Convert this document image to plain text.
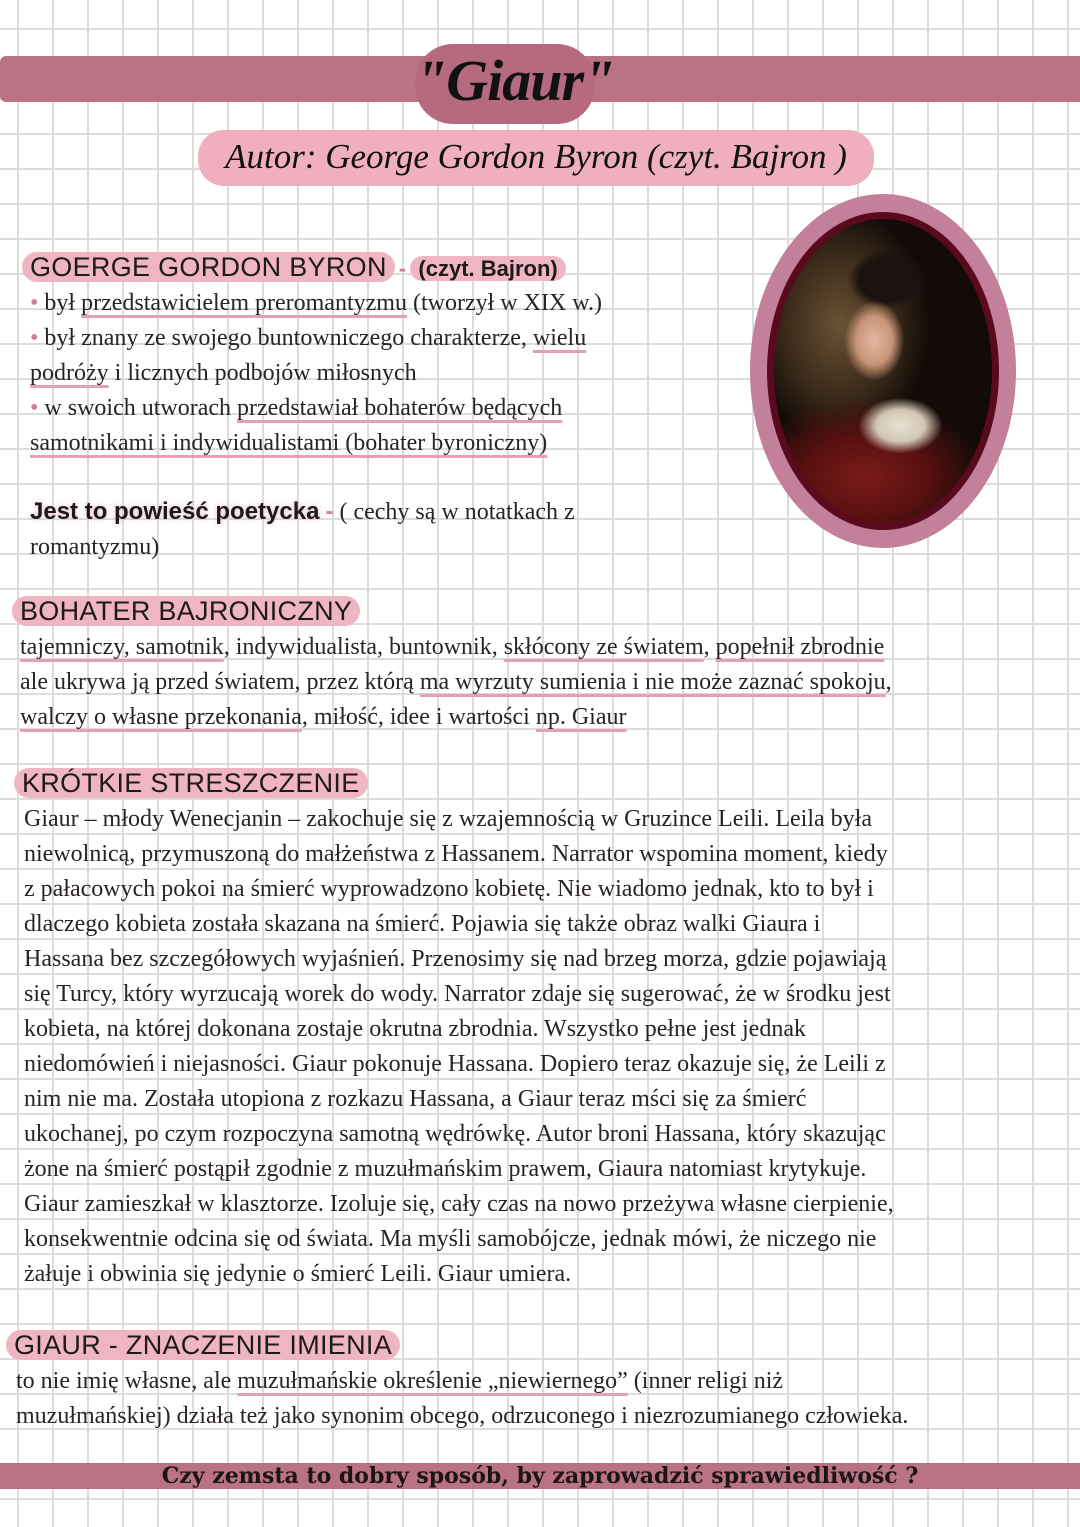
"Giaur"
Autor: George Gordon Byron (czyt. Bajron )
GOERGE GORDON BYRON - (czyt. Bajron)
• był przedstawicielem preromantyzmu (tworzył w XIX w.)
• był znany ze swojego buntowniczego charakterze, wielu
podróży i licznych podbojów miłosnych
• w swoich utworach przedstawiał bohaterów będących
samotnikami i indywidualistami (bohater byroniczny)
Jest to powieść poetycka - ( cechy są w notatkach z
romantyzmu)
BOHATER BAJRONICZNY
tajemniczy, samotnik, indywidualista, buntownik, skłócony ze światem, popełnił zbrodnie
ale ukrywa ją przed światem, przez którą ma wyrzuty sumienia i nie może zaznać spokoju,
walczy o własne przekonania, miłość, idee i wartości np. Giaur
KRÓTKIE STRESZCZENIE
Giaur – młody Wenecjanin – zakochuje się z wzajemnością w Gruzince Leili. Leila była
niewolnicą, przymuszoną do małżeństwa z Hassanem. Narrator wspomina moment, kiedy
z pałacowych pokoi na śmierć wyprowadzono kobietę. Nie wiadomo jednak, kto to był i
dlaczego kobieta została skazana na śmierć. Pojawia się także obraz walki Giaura i
Hassana bez szczegółowych wyjaśnień. Przenosimy się nad brzeg morza, gdzie pojawiają
się Turcy, który wyrzucają worek do wody. Narrator zdaje się sugerować, że w środku jest
kobieta, na której dokonana zostaje okrutna zbrodnia. Wszystko pełne jest jednak
niedomówień i niejasności. Giaur pokonuje Hassana. Dopiero teraz okazuje się, że Leili z
nim nie ma. Została utopiona z rozkazu Hassana, a Giaur teraz mści się za śmierć
ukochanej, po czym rozpoczyna samotną wędrówkę. Autor broni Hassana, który skazując
żone na śmierć postąpił zgodnie z muzułmańskim prawem, Giaura natomiast krytykuje.
Giaur zamieszkał w klasztorze. Izoluje się, cały czas na nowo przeżywa własne cierpienie,
konsekwentnie odcina się od świata. Ma myśli samobójcze, jednak mówi, że niczego nie
żałuje i obwinia się jedynie o śmierć Leili. Giaur umiera.
GIAUR - ZNACZENIE IMIENIA
to nie imię własne, ale muzułmańskie określenie „niewiernego” (inner religi niż
muzułmańskiej) działa też jako synonim obcego, odrzuconego i niezrozumianego człowieka.
Czy zemsta to dobry sposób, by zaprowadzić sprawiedliwość ?
